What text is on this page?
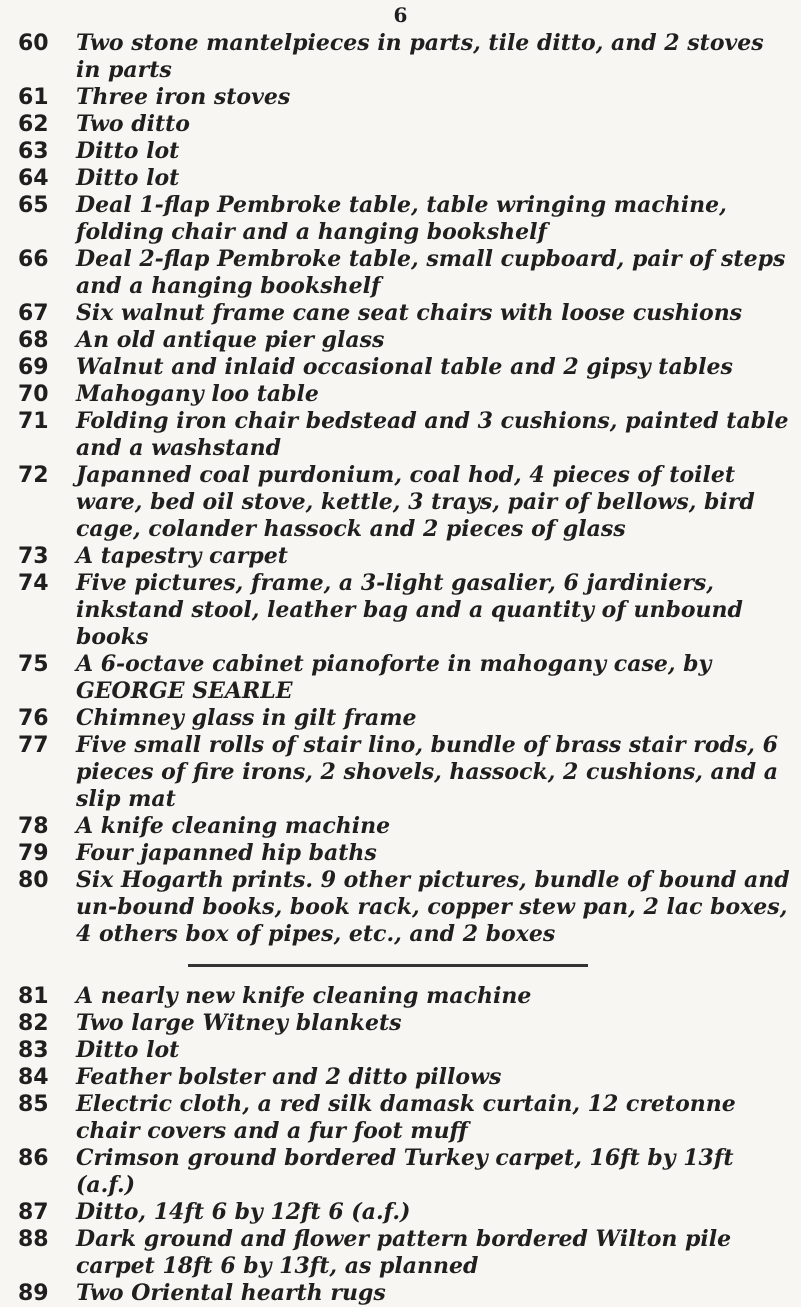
6
60	Two stone mantelpieces in parts, tile ditto, and 2 stoves in parts
61	Three iron stoves
62	Two ditto
63	Ditto lot
64	Ditto lot
65	Deal 1-flap Pembroke table, table wringing machine, folding chair and a hanging bookshelf
66	Deal 2-flap Pembroke table, small cupboard, pair of steps and a hanging bookshelf
67	Six walnut frame cane seat chairs with loose cushions
68	An old antique pier glass
69	Walnut and inlaid occasional table and 2 gipsy tables
70	Mahogany loo table
71	Folding iron chair bedstead and 3 cushions, painted table and a washstand
72	Japanned coal purdonium, coal hod, 4 pieces of toilet ware, bed oil stove, kettle, 3 trays, pair of bellows, bird cage, colander hassock and 2 pieces of glass
73	A tapestry carpet
74	Five pictures, frame, a 3-light gasalier, 6 jardiniers, inkstand stool, leather bag and a quantity of unbound books
75	A 6-octave cabinet pianoforte in mahogany case, by GEORGE SEARLE
76	Chimney glass in gilt frame
77	Five small rolls of stair lino, bundle of brass stair rods, 6 pieces of fire irons, 2 shovels, hassock, 2 cushions, and a slip mat
78	A knife cleaning machine
79	Four japanned hip baths
80	Six Hogarth prints. 9 other pictures, bundle of bound and un-bound books, book rack, copper stew pan, 2 lac boxes, 4 others box of pipes, etc., and 2 boxes
81	A nearly new knife cleaning machine
82	Two large Witney blankets
83	Ditto lot
84	Feather bolster and 2 ditto pillows
85	Electric cloth, a red silk damask curtain, 12 cretonne chair covers and a fur foot muff
86	Crimson ground bordered Turkey carpet, 16ft by 13ft (a.f.)
87	Ditto, 14ft 6 by 12ft 6 (a.f.)
88	Dark ground and flower pattern bordered Wilton pile carpet 18ft 6 by 13ft, as planned
89	Two Oriental hearth rugs
